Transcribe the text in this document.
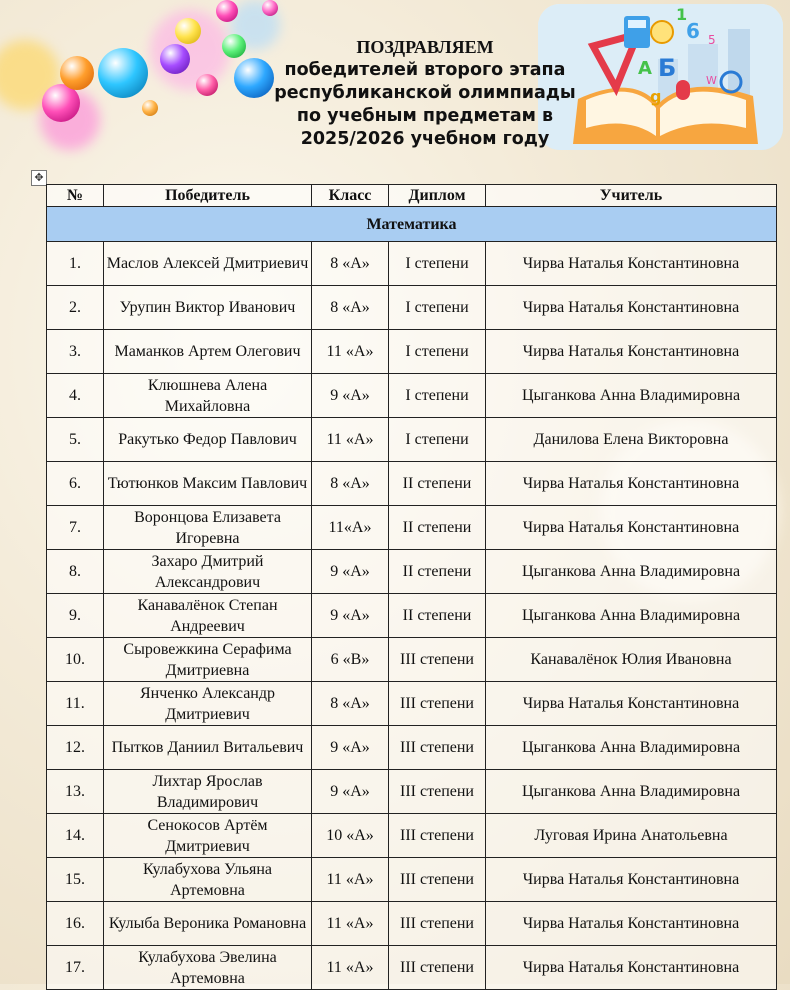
6
1
5
Б
A
g
W
ПОЗДРАВЛЯЕМ
победителей второго этапа
республиканской олимпиады
по учебным предметам в
2025/2026 учебном году
✥
№	Победитель	Класс	Диплом	Учитель
Математика				
1.	Маслов Алексей Дмитриевич	8 «А»	I степени	Чирва Наталья Константиновна
2.	Урупин Виктор Иванович	8 «А»	I степени	Чирва Наталья Константиновна
3.	Маманков Артем Олегович	11 «А»	I степени	Чирва Наталья Константиновна
4.	Клюшнева Алена Михайловна	9 «А»	I степени	Цыганкова Анна Владимировна
5.	Ракутько Федор Павлович	11 «А»	I степени	Данилова Елена Викторовна
6.	Тютюнков Максим Павлович	8 «А»	II степени	Чирва Наталья Константиновна
7.	Воронцова Елизавета Игоревна	11«А»	II степени	Чирва Наталья Константиновна
8.	Захаро Дмитрий Александрович	9 «А»	II степени	Цыганкова Анна Владимировна
9.	Канавалёнок Степан Андреевич	9 «А»	II степени	Цыганкова Анна Владимировна
10.	Сыровежкина Серафима Дмитриевна	6 «В»	III степени	Канавалёнок Юлия Ивановна
11.	Янченко Александр Дмитриевич	8 «А»	III степени	Чирва Наталья Константиновна
12.	Пытков Даниил Витальевич	9 «А»	III степени	Цыганкова Анна Владимировна
13.	Лихтар Ярослав Владимирович	9 «А»	III степени	Цыганкова Анна Владимировна
14.	Сенокосов Артём Дмитриевич	10 «А»	III степени	Луговая Ирина Анатольевна
15.	Кулабухова Ульяна Артемовна	11 «А»	III степени	Чирва Наталья Константиновна
16.	Кулыба Вероника Романовна	11 «А»	III степени	Чирва Наталья Константиновна
17.	Кулабухова Эвелина Артемовна	11 «А»	III степени	Чирва Наталья Константиновна
